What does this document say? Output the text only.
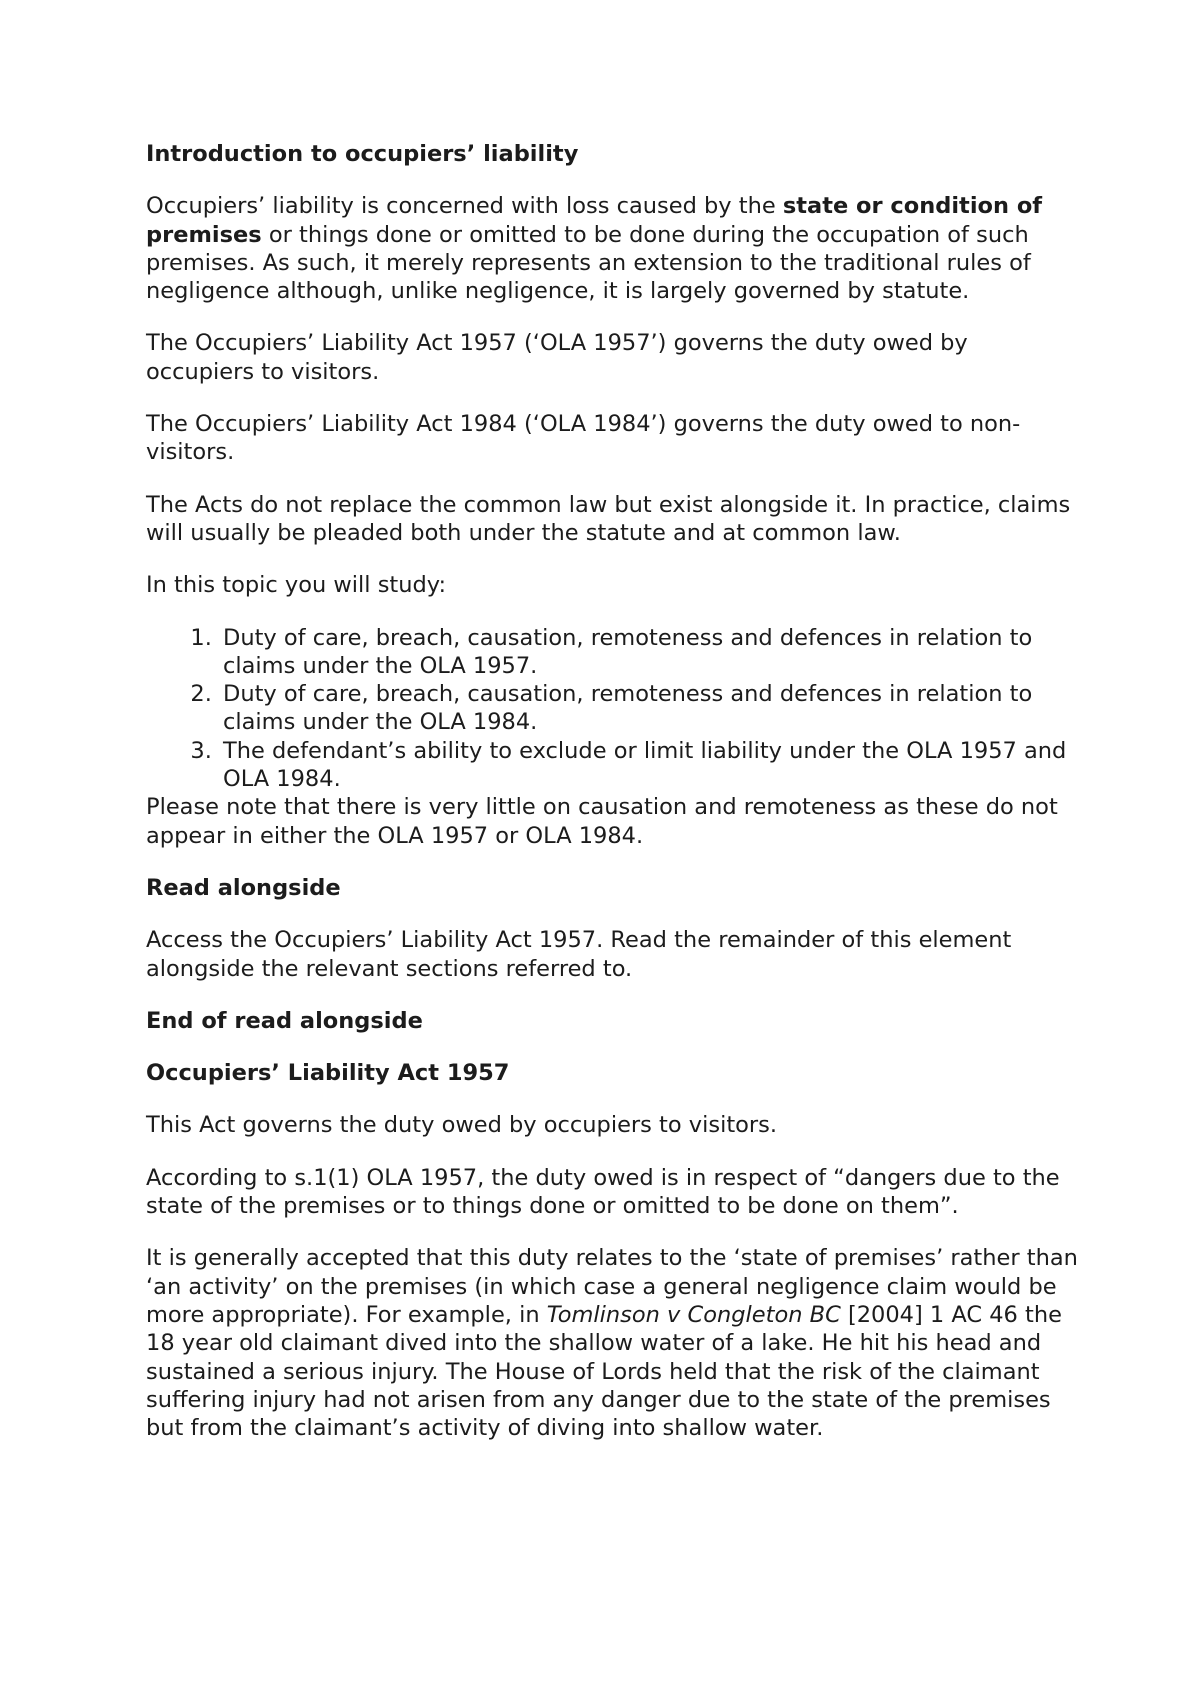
Introduction to occupiers’ liability

Occupiers’ liability is concerned with loss caused by the state or condition of premises or things done or omitted to be done during the occupation of such premises. As such, it merely represents an extension to the traditional rules of negligence although, unlike negligence, it is largely governed by statute.

The Occupiers’ Liability Act 1957 (‘OLA 1957’) governs the duty owed by occupiers to visitors.

The Occupiers’ Liability Act 1984 (‘OLA 1984’) governs the duty owed to non-visitors.

The Acts do not replace the common law but exist alongside it. In practice, claims will usually be pleaded both under the statute and at common law.

In this topic you will study:

1. Duty of care, breach, causation, remoteness and defences in relation to claims under the OLA 1957.
2. Duty of care, breach, causation, remoteness and defences in relation to claims under the OLA 1984.
3. The defendant’s ability to exclude or limit liability under the OLA 1957 and OLA 1984.

Please note that there is very little on causation and remoteness as these do not appear in either the OLA 1957 or OLA 1984.

Read alongside

Access the Occupiers’ Liability Act 1957. Read the remainder of this element alongside the relevant sections referred to.

End of read alongside

Occupiers’ Liability Act 1957

This Act governs the duty owed by occupiers to visitors.

According to s.1(1) OLA 1957, the duty owed is in respect of “dangers due to the state of the premises or to things done or omitted to be done on them”.

It is generally accepted that this duty relates to the ‘state of premises’ rather than ‘an activity’ on the premises (in which case a general negligence claim would be more appropriate). For example, in Tomlinson v Congleton BC [2004] 1 AC 46 the 18 year old claimant dived into the shallow water of a lake. He hit his head and sustained a serious injury. The House of Lords held that the risk of the claimant suffering injury had not arisen from any danger due to the state of the premises but from the claimant’s activity of diving into shallow water.
